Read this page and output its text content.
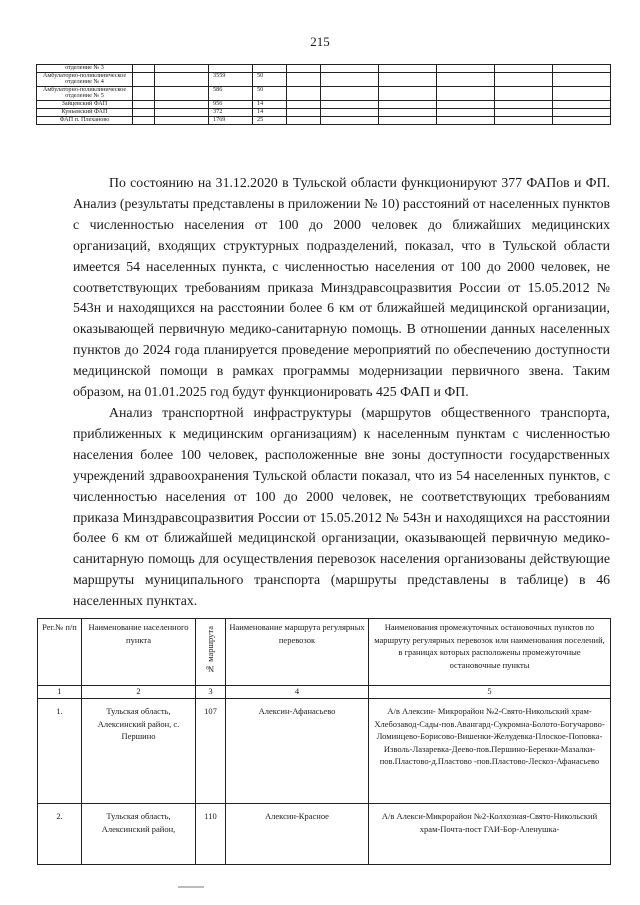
215
отделение № 3										
Амбулаторно-поликлиническое отделение № 4			3559	50						
Амбулаторно-поликлиническое отделение № 5			586	50						
Зайцевский ФАП			956	14						
Куньевский ФАП			372	14						
ФАП п. Плеханово			1769	25						

По состоянию на 31.12.2020 в Тульской области функционируют 377 ФАПов и ФП. Анализ (результаты представлены в приложении № 10) расстояний от населенных пунктов с численностью населения от 100 до 2000 человек до ближайших медицинских организаций, входящих структурных подразделений, показал, что в Тульской области имеется 54 населенных пункта, с численностью населения от 100 до 2000 человек, не соответствующих требованиям приказа Минздравсоцразвития России от 15.05.2012 № 543н и находящихся на расстоянии более 6 км от ближайшей медицинской организации, оказывающей первичную медико-санитарную помощь. В отношении данных населенных пунктов до 2024 года планируется проведение мероприятий по обеспечению доступности медицинской помощи в рамках программы модернизации первичного звена. Таким образом, на 01.01.2025 год будут функционировать 425 ФАП и ФП.

Анализ транспортной инфраструктуры (маршрутов общественного транспорта, приближенных к медицинским организациям) к населенным пунктам с численностью населения более 100 человек, расположенные вне зоны доступности государственных учреждений здравоохранения Тульской области показал, что из 54 населенных пунктов, с численностью населения от 100 до 2000 человек, не соответствующих требованиям приказа Минздравсоцразвития России от 15.05.2012 № 543н и находящихся на расстоянии более 6 км от ближайшей медицинской организации, оказывающей первичную медико-санитарную помощь для осуществления перевозок населения организованы действующие маршруты муниципального транспорта (маршруты представлены в таблице) в 46 населенных пунктах.

Рег.№ п/п	Наименование населенного пункта	№ маршрута	Наименование маршрута регулярных перевозок	Наименования промежуточных остановочных пунктов по маршруту регулярных перевозок или наименования поселений, в границах которых расположены промежуточные остановочные пункты
1	2	3	4	5
1.	Тульская область, Алексинский район, с. Першино	107	Алексин-Афанасьево	А/в Алексин- Микрорайон №2-Свято-Никольский храм-Хлебозавод-Сады-пов.Авангард-Сукромна-Болото-Богучарово-Ломинцево-Борисово-Вишенки-Желудевка-Плоское-Поповка-Изволь-Лазаревка-Деево-пов.Першино-Беренки-Мазалки-пов.Пластово-д.Пластово -пов.Пластово-Лескоз-Афанасьево
2.	Тульская область, Алексинский район,	110	Алексин-Красное	А/в Алекси-Микрорайон №2-Колхозная-Свято-Никольский храм-Почта-пост ГАИ-Бор-Аленушка-
